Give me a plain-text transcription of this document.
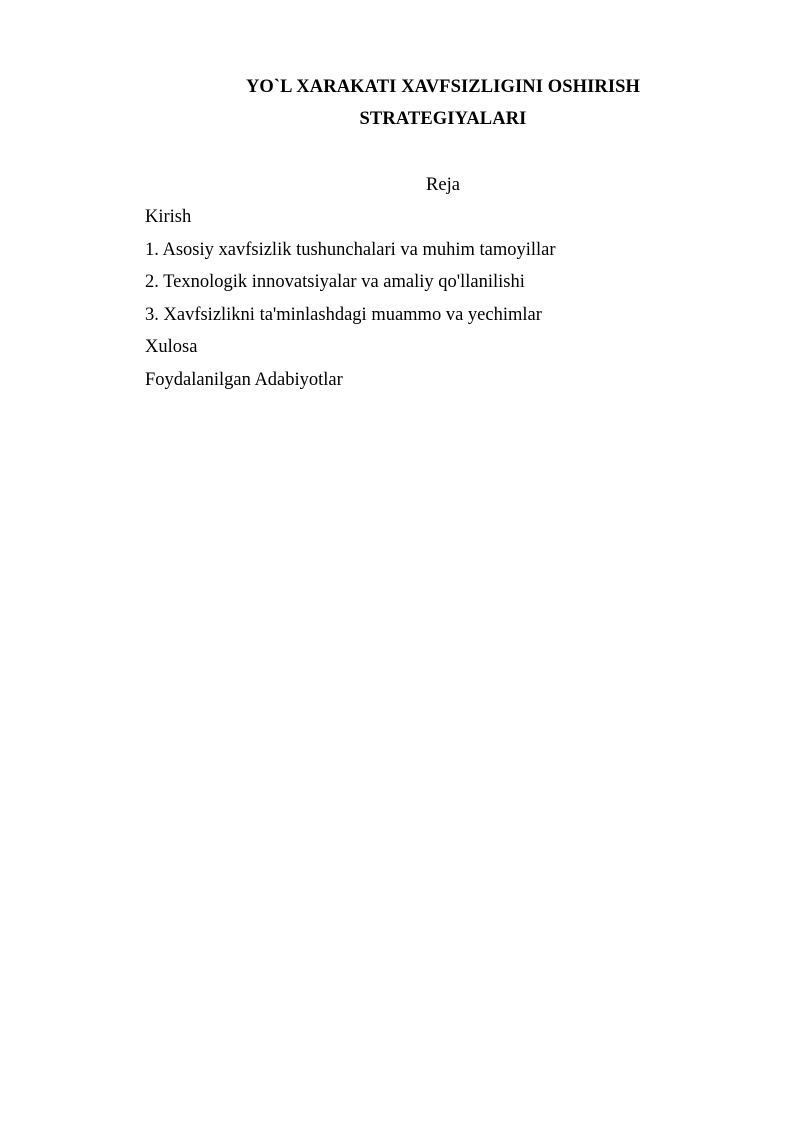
YO`L XARAKATI XAVFSIZLIGINI OSHIRISH
STRATEGIYALARI
Reja
Kirish
1. Asosiy xavfsizlik tushunchalari va muhim tamoyillar
2. Texnologik innovatsiyalar va amaliy qo'llanilishi
3. Xavfsizlikni ta'minlashdagi muammo va yechimlar
Xulosa
Foydalanilgan Adabiyotlar
